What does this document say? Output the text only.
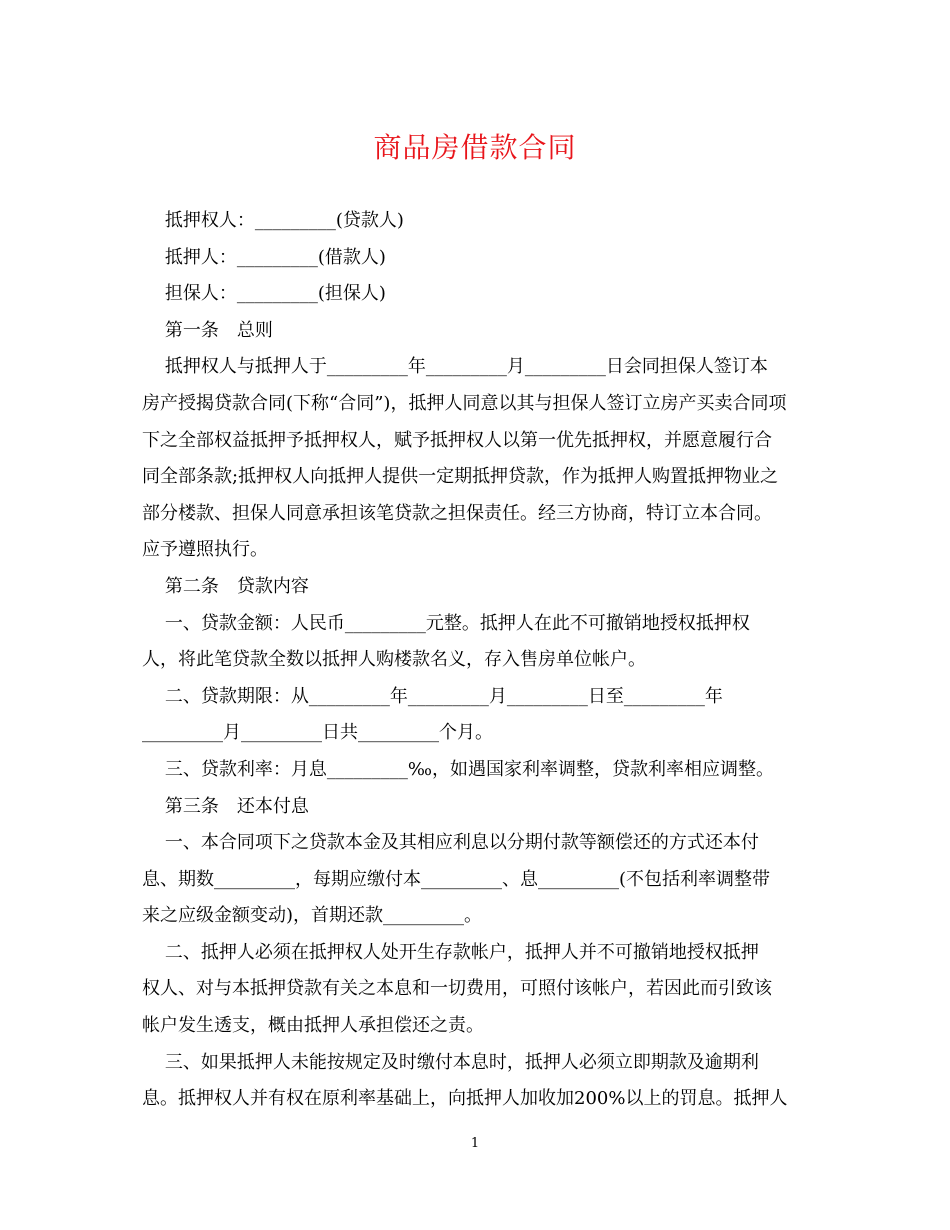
商品房借款合同
抵押权人：_________(贷款人)
抵押人：_________(借款人)
担保人：_________(担保人)
第一条　总则
抵押权人与抵押人于_________年_________月_________日会同担保人签订本
房产授揭贷款合同(下称“合同”)，抵押人同意以其与担保人签订立房产买卖合同项
下之全部权益抵押予抵押权人，赋予抵押权人以第一优先抵押权，并愿意履行合
同全部条款;抵押权人向抵押人提供一定期抵押贷款，作为抵押人购置抵押物业之
部分楼款、担保人同意承担该笔贷款之担保责任。经三方协商，特订立本合同。
应予遵照执行。
第二条　贷款内容
一、贷款金额：人民币_________元整。抵押人在此不可撤销地授权抵押权
人，将此笔贷款全数以抵押人购楼款名义，存入售房单位帐户。
二、贷款期限：从_________年_________月_________日至_________年
_________月_________日共_________个月。
三、贷款利率：月息_________‰，如遇国家利率调整，贷款利率相应调整。
第三条　还本付息
一、本合同项下之贷款本金及其相应利息以分期付款等额偿还的方式还本付
息、期数_________，每期应缴付本_________、息_________(不包括利率调整带
来之应级金额变动)，首期还款_________。
二、抵押人必须在抵押权人处开生存款帐户，抵押人并不可撤销地授权抵押
权人、对与本抵押贷款有关之本息和一切费用，可照付该帐户，若因此而引致该
帐户发生透支，概由抵押人承担偿还之责。
三、如果抵押人未能按规定及时缴付本息时，抵押人必须立即期款及逾期利
息。抵押权人并有权在原利率基础上，向抵押人加收加200%以上的罚息。抵押人
1
